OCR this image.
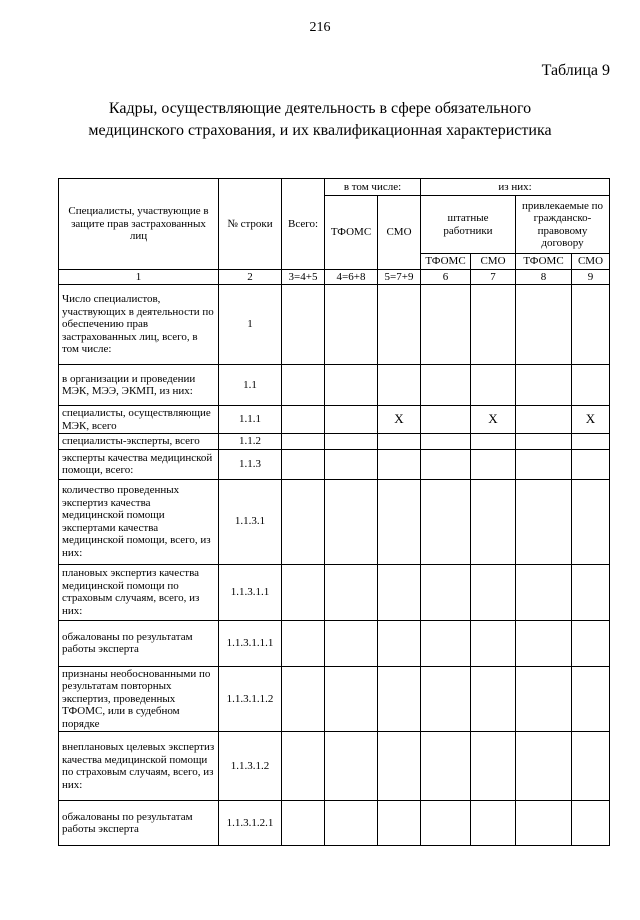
216
Таблица 9
Кадры, осуществляющие деятельность в сфере обязательного медицинского страхования, и их квалификационная характеристика
Специалисты, участвующие в защите прав застрахованных лиц	№ строки	Всего:	в том числе:		из них:			
			ТФОМС	СМО	штатные работники		привлекаемые по гражданско-правовому договору	
					ТФОМС	СМО	ТФОМС	СМО
1	2	3=4+5	4=6+8	5=7+9	6	7	8	9
Число специалистов, участвующих в деятельности по обеспечению прав застрахованных лиц, всего, в том числе:	1							
в организации и проведении МЭК, МЭЭ, ЭКМП, из них:	1.1							
специалисты, осуществляющие МЭК, всего	1.1.1			X		X		X
специалисты-эксперты, всего	1.1.2							
эксперты качества медицинской помощи, всего:	1.1.3							
количество проведенных экспертиз качества медицинской помощи экспертами качества медицинской помощи, всего, из них:	1.1.3.1							
плановых экспертиз качества медицинской помощи по страховым случаям, всего, из них:	1.1.3.1.1							
обжалованы по результатам работы эксперта	1.1.3.1.1.1							
признаны необоснованными по результатам повторных экспертиз, проведенных ТФОМС, или в судебном порядке	1.1.3.1.1.2							
внеплановых целевых экспертиз качества медицинской помощи по страховым случаям, всего, из них:	1.1.3.1.2							
обжалованы по результатам работы эксперта	1.1.3.1.2.1							
